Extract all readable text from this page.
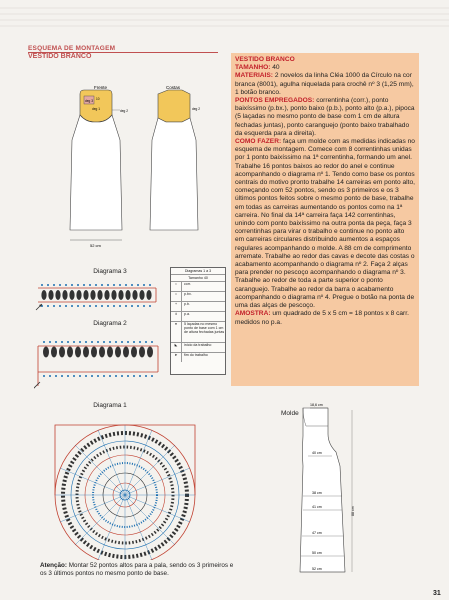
ESQUEMA DE MONTAGEM
VESTIDO BRANCO
Frente
deg 3
deg 1
10
deg 2
52 cm
Costas
deg 2
Diagrama 3
Diagrama 2
Diagramas 1 a 3
Tamanho 40
○	corr.
•	p.bx.
+	p.b.
ǂ	p.a.
●	5 laçadas no mesmo ponto de base com 1 cm de altura fechadas juntas
◣	início da trabalho
➤	fim do trabalho
Diagrama 1
Atenção: Montar 52 pontos altos para a pala, sendo os 3 primeiros e os 3 últimos pontos no mesmo ponto de base.
VESTIDO BRANCO
TAMANHO: 40
MATERIAIS: 2 novelos da linha Cléa 1000 da Círculo na cor branca (8001), agulha niquelada para crochê nº 3 (1,25 mm), 1 botão branco.
PONTOS EMPREGADOS: correntinha (corr.), ponto baixíssimo (p.bx.), ponto baixo (p.b.), ponto alto (p.a.), pipoca (5 laçadas no mesmo ponto de base com 1 cm de altura fechadas juntas), ponto caranguejo (ponto baixo trabalhado da esquerda para a direita).
COMO FAZER: faça um molde com as medidas indicadas no esquema de montagem. Comece com 8 correntinhas unidas por 1 ponto baixíssimo na 1ª correntinha, formando um anel. Trabalhe 16 pontos baixos ao redor do anel e continue acompanhando o diagrama nº 1. Tendo como base os pontos centrais do motivo pronto trabalhe 14 carreiras em ponto alto, começando com 52 pontos, sendo os 3 primeiros e os 3 últimos pontos feitos sobre o mesmo ponto de base, trabalhe em todas as carreiras aumentando os pontos como na 1ª carreira. No final da 14ª carreira faça 142 correntinhas, unindo com ponto baixíssimo na outra ponta da peça, faça 3 correntinhas para virar o trabalho e continue no ponto alto em carreiras circulares distribuindo aumentos a espaços regulares acompanhando o molde. A 88 cm de comprimento arremate. Trabalhe ao redor das cavas e decote das costas o acabamento acompanhando o diagrama nº 2. Faça 2 alças para prender no pescoço acompanhando o diagrama nº 3. Trabalhe ao redor de toda a parte superior o ponto caranguejo. Trabalhe ao redor da barra o acabamento acompanhando o diagrama nº 4. Pregue o botão na ponta de uma das alças de pescoço.
AMOSTRA: um quadrado de 5 x 5 cm = 18 pontos x 8 carr. medidos no p.a.
Molde
18,6 cm
40 cm
38 cm
41 cm
47 cm
50 cm
52 cm
88 cm
31
